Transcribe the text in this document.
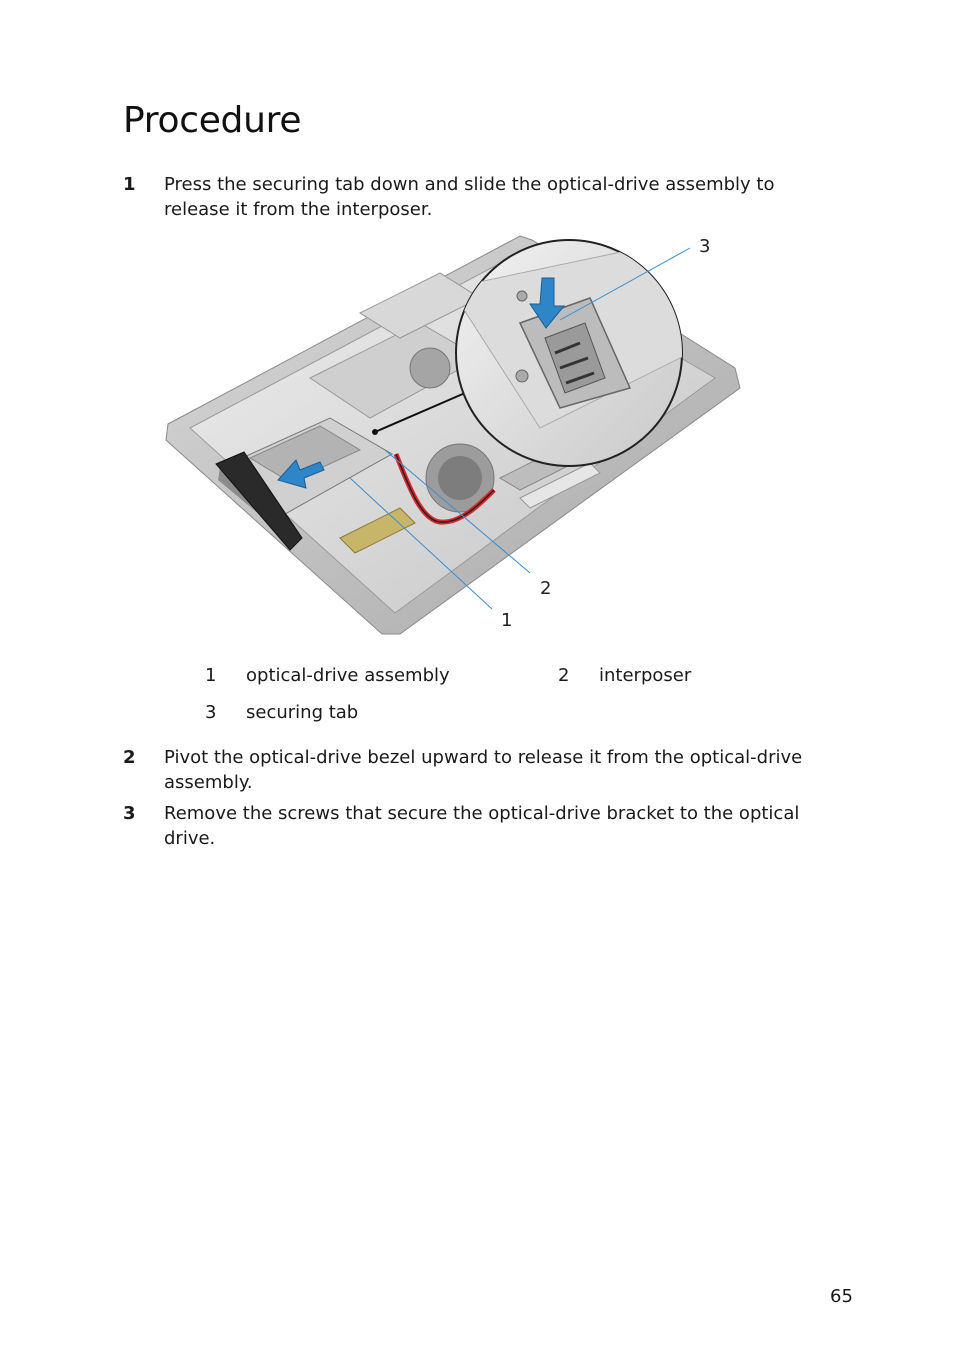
Procedure
1 Press the securing tab down and slide the optical-drive assembly to release it from the interposer.
1
2
3
1 optical-drive assembly	2 interposer
3 securing tab
2 Pivot the optical-drive bezel upward to release it from the optical-drive assembly.
3 Remove the screws that secure the optical-drive bracket to the optical drive.
65
